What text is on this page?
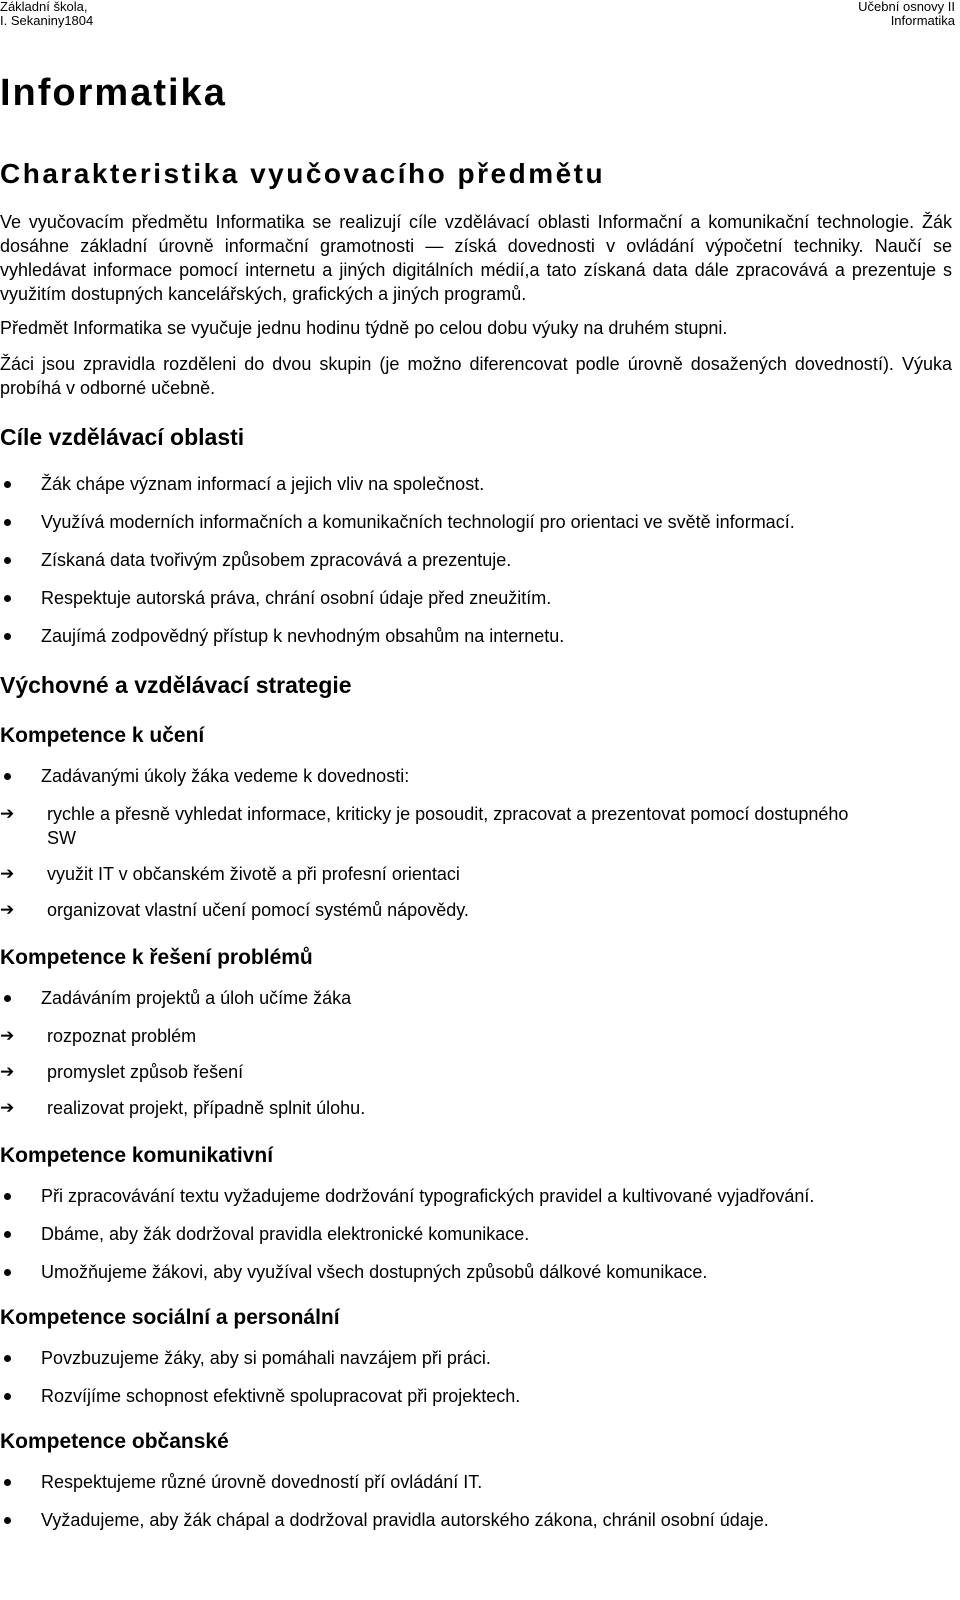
Základní škola,
I. Sekaniny1804
Učební osnovy II
Informatika
Informatika
Charakteristika vyučovacího předmětu

Ve vyučovacím předmětu Informatika se realizují cíle vzdělávací oblasti Informační a komunikační technologie. Žák dosáhne základní úrovně informační gramotnosti — získá dovednosti v ovládání výpočetní techniky. Naučí se vyhledávat informace pomocí internetu a jiných digitálních médií,a tato získaná data dále zpracovává a prezentuje s využitím dostupných kancelářských, grafických a jiných programů.

Předmět Informatika se vyučuje jednu hodinu týdně po celou dobu výuky na druhém stupni.

Žáci jsou zpravidla rozděleni do dvou skupin (je možno diferencovat podle úrovně dosažených dovedností). Výuka probíhá v odborné učebně.

Cíle vzdělávací oblasti
Žák chápe význam informací a jejich vliv na společnost.
Využívá moderních informačních a komunikačních technologií pro orientaci ve světě informací.
Získaná data tvořivým způsobem zpracovává a prezentuje.
Respektuje autorská práva, chrání osobní údaje před zneužitím.
Zaujímá zodpovědný přístup k nevhodným obsahům na internetu.
Výchovné a vzdělávací strategie
Kompetence k učení
Zadávanými úkoly žáka vedeme k dovednosti:
➔ rychle a přesně vyhledat informace, kriticky je posoudit, zpracovat a prezentovat pomocí dostupného SW
➔ využit IT v občanském životě a při profesní orientaci
➔ organizovat vlastní učení pomocí systémů nápovědy.
Kompetence k řešení problémů
Zadáváním projektů a úloh učíme žáka
➔ rozpoznat problém
➔ promyslet způsob řešení
➔ realizovat projekt, případně splnit úlohu.
Kompetence komunikativní
Při zpracovávání textu vyžadujeme dodržování typografických pravidel a kultivované vyjadřování.
Dbáme, aby žák dodržoval pravidla elektronické komunikace.
Umožňujeme žákovi, aby využíval všech dostupných způsobů dálkové komunikace.
Kompetence sociální a personální
Povzbuzujeme žáky, aby si pomáhali navzájem při práci.
Rozvíjíme schopnost efektivně spolupracovat při projektech.
Kompetence občanské
Respektujeme různé úrovně dovedností pří ovládání IT.
Vyžadujeme, aby žák chápal a dodržoval pravidla autorského zákona, chránil osobní údaje.
